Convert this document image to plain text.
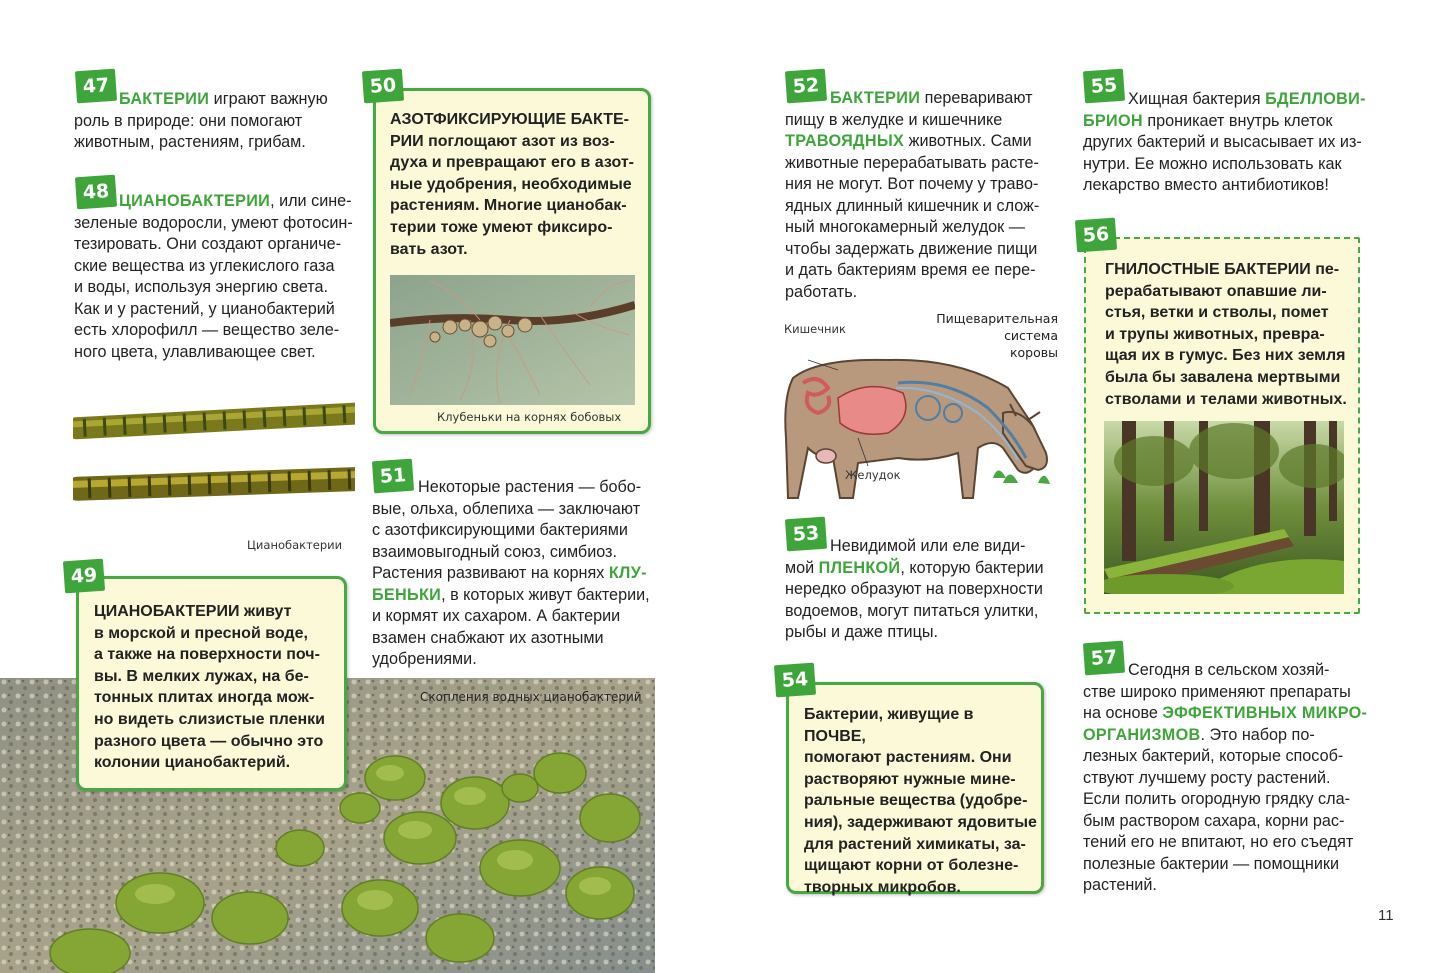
47
БАКТЕРИИ играют важную
роль в природе: они помогают
животным, растениям, грибам.
48 ЦИАНОБАКТЕРИИ, или сине-
зеленые водоросли, умеют фотосин-
тезировать. Они создают органиче-
ские вещества из углекислого газа
и воды, используя энергию света.
Как и у растений, у цианобактерий
есть хлорофилл — вещество зеле-
ного цвета, улавливающее свет.
Цианобактерии
Скопления водных цианобактерий
49
ЦИАНОБАКТЕРИИ живут
в морской и пресной воде,
а также на поверхности поч-
вы. В мелких лужах, на бе-
тонных плитах иногда мож-
но видеть слизистые пленки
разного цвета — обычно это
колонии цианобактерий.
50
АЗОТФИКСИРУЮЩИЕ БАКТЕ-
РИИ поглощают азот из воз-
духа и превращают его в азот-
ные удобрения, необходимые
растениям. Многие цианобак-
терии тоже умеют фиксиро-
вать азот.
Клубеньки на корнях бобовых
51 Некоторые растения — бобо-
вые, ольха, облепиха — заключают
с азотфиксирующими бактериями
взаимовыгодный союз, симбиоз.
Растения развивают на корнях КЛУ-
БЕНЬКИ, в которых живут бактерии,
и кормят их сахаром. А бактерии
взамен снабжают их азотными
удобрениями.
52
БАКТЕРИИ переваривают
пищу в желудке и кишечнике
ТРАВОЯДНЫХ животных. Сами
животные перерабатывать расте-
ния не могут. Вот почему у траво-
ядных длинный кишечник и слож-
ный многокамерный желудок —
чтобы задержать движение пищи
и дать бактериям время ее пере-
работать.
Пищеварительная
система
коровы
Кишечник
Желудок
53
Невидимой или еле види-
мой ПЛЕНКОЙ, которую бактерии
нередко образуют на поверхности
водоемов, могут питаться улитки,
рыбы и даже птицы.
54
Бактерии, живущие в ПОЧВЕ,
помогают растениям. Они
растворяют нужные мине-
ральные вещества (удобре-
ния), задерживают ядовитые
для растений химикаты, за-
щищают корни от болезне-
творных микробов.
55
Хищная бактерия БДЕЛЛОВИ-
БРИОН проникает внутрь клеток
других бактерий и высасывает их из-
нутри. Ее можно использовать как
лекарство вместо антибиотиков!
56
ГНИЛОСТНЫЕ БАКТЕРИИ пе-
рерабатывают опавшие ли-
стья, ветки и стволы, помет
и трупы животных, превра-
щая их в гумус. Без них земля
была бы завалена мертвыми
стволами и телами животных.
57
Сегодня в сельском хозяй-
стве широко применяют препараты
на основе ЭФФЕКТИВНЫХ МИКРО-
ОРГАНИЗМОВ. Это набор по-
лезных бактерий, которые способ-
ствуют лучшему росту растений.
Если полить огородную грядку сла-
бым раствором сахара, корни рас-
тений его не впитают, но его съедят
полезные бактерии — помощники
растений.
11
